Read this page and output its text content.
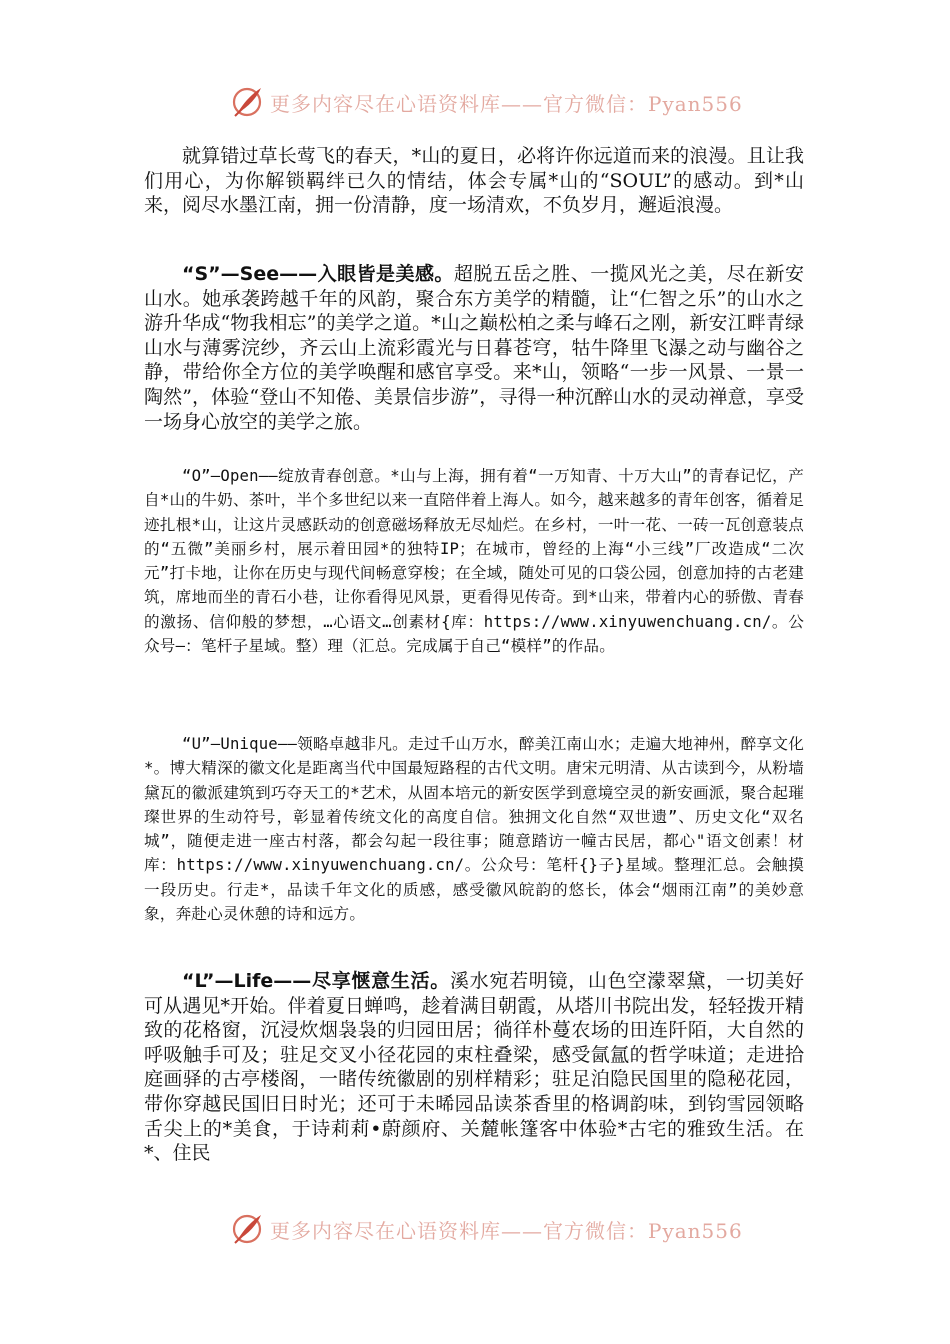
更多内容尽在心语资料库——官方微信：Pyan556

就算错过草长莺飞的春天，*山的夏日，必将许你远道而来的浪漫。且让我们用心，为你解锁羁绊已久的情结，体会专属*山的“SOUL”的感动。到*山来，阅尽水墨江南，拥一份清静，度一场清欢，不负岁月，邂逅浪漫。

“S”—See——入眼皆是美感。超脱五岳之胜、一揽风光之美，尽在新安山水。她承袭跨越千年的风韵，聚合东方美学的精髓，让“仁智之乐”的山水之游升华成“物我相忘”的美学之道。*山之巅松柏之柔与峰石之刚，新安江畔青绿山水与薄雾浣纱，齐云山上流彩霞光与日暮苍穹，牯牛降里飞瀑之动与幽谷之静，带给你全方位的美学唤醒和感官享受。来*山，领略“一步一风景、一景一陶然”，体验“登山不知倦、美景信步游”，寻得一种沉醉山水的灵动禅意，享受一场身心放空的美学之旅。

“O”—Open——绽放青春创意。*山与上海，拥有着“一万知青、十万大山”的青春记忆，产自*山的牛奶、茶叶，半个多世纪以来一直陪伴着上海人。如今，越来越多的青年创客，循着足迹扎根*山，让这片灵感跃动的创意磁场释放无尽灿烂。在乡村，一叶一花、一砖一瓦创意装点的“五微”美丽乡村，展示着田园*的独特IP；在城市，曾经的上海“小三线”厂改造成“二次元”打卡地，让你在历史与现代间畅意穿梭；在全域，随处可见的口袋公园，创意加持的古老建筑，席地而坐的青石小巷，让你看得见风景，更看得见传奇。到*山来，带着内心的骄傲、青春的激扬、信仰般的梦想，…心语文…创素材{库：https://www.xinyuwenchuang.cn/。公众号—：笔杆子星域。整）理（汇总。完成属于自己“模样”的作品。

“U”—Unique——领略卓越非凡。走过千山万水，醉美江南山水；走遍大地神州，醉享文化*。博大精深的徽文化是距离当代中国最短路程的古代文明。唐宋元明清、从古读到今，从粉墙黛瓦的徽派建筑到巧夺天工的*艺术，从固本培元的新安医学到意境空灵的新安画派，聚合起璀璨世界的生动符号，彰显着传统文化的高度自信。独拥文化自然“双世遗”、历史文化“双名城”，随便走进一座古村落，都会勾起一段往事；随意踏访一幢古民居，都心"语文创素！材库：https://www.xinyuwenchuang.cn/。公众号：笔杆{}子}星域。整理汇总。会触摸一段历史。行走*，品读千年文化的质感，感受徽风皖韵的悠长，体会“烟雨江南”的美妙意象，奔赴心灵休憩的诗和远方。

“L”—Life——尽享惬意生活。溪水宛若明镜，山色空濛翠黛，一切美好可从遇见*开始。伴着夏日蝉鸣，趁着满目朝霞，从塔川书院出发，轻轻拨开精致的花格窗，沉浸炊烟袅袅的归园田居；徜徉朴蔓农场的田连阡陌，大自然的呼吸触手可及；驻足交叉小径花园的束柱叠梁，感受氤氲的哲学味道；走进拾庭画驿的古亭楼阁，一睹传统徽剧的别样精彩；驻足泊隐民国里的隐秘花园，带你穿越民国旧日时光；还可于未晞园品读茶香里的格调韵味，到钧雪园领略舌尖上的*美食，于诗莉莉•蔚颜府、关麓帐篷客中体验*古宅的雅致生活。在*、住民

更多内容尽在心语资料库——官方微信：Pyan556
